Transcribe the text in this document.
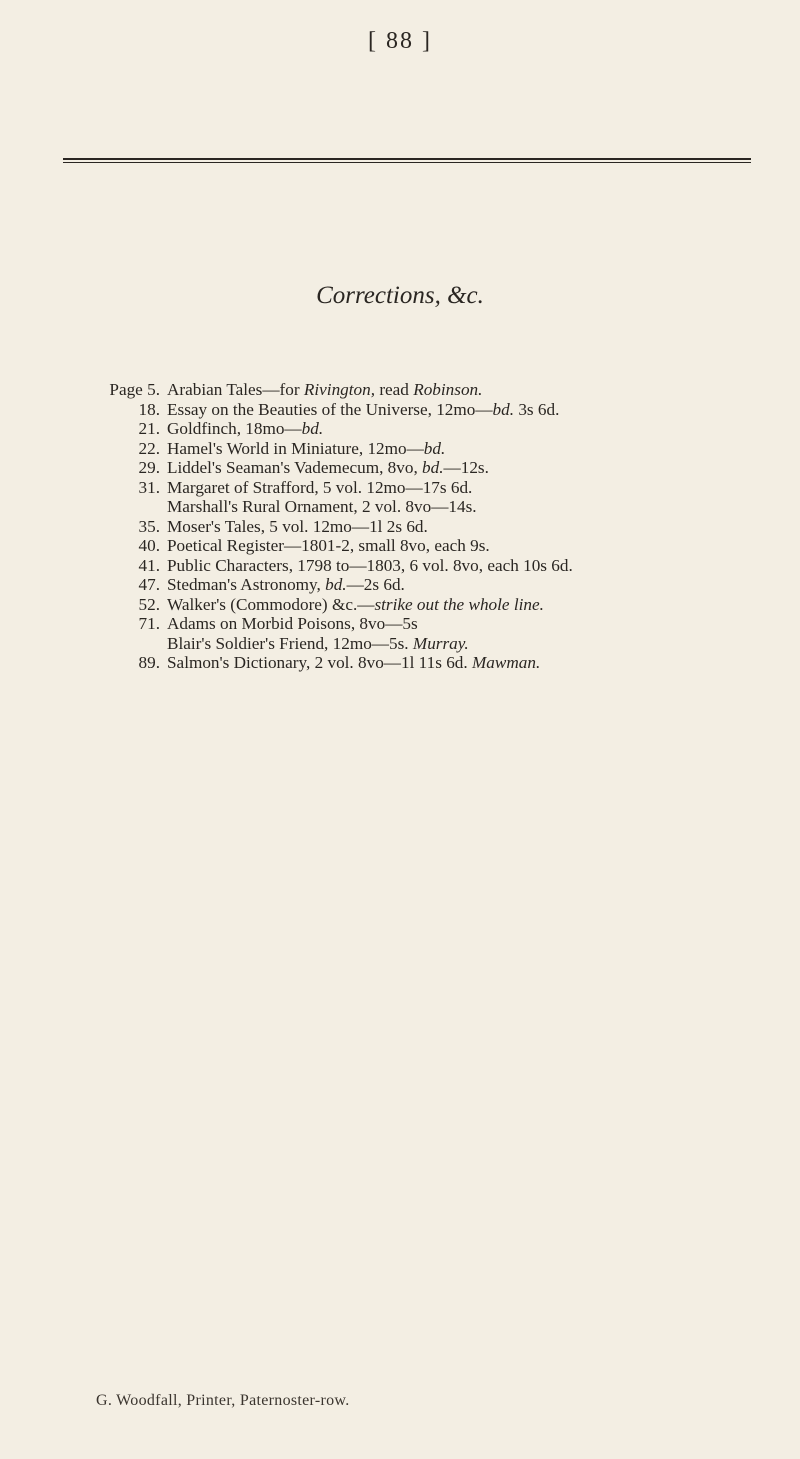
[ 88 ]
Corrections, &c.
Page 5. Arabian Tales—for Rivington, read Robinson.
18. Essay on the Beauties of the Universe, 12mo—bd. 3s 6d.
21. Goldfinch, 18mo—bd.
22. Hamel's World in Miniature, 12mo—bd.
29. Liddel's Seaman's Vademecum, 8vo, bd.—12s.
31. Margaret of Strafford, 5 vol. 12mo—17s 6d.
Marshall's Rural Ornament, 2 vol. 8vo—14s.
35. Moser's Tales, 5 vol. 12mo—1l 2s 6d.
40. Poetical Register—1801-2, small 8vo, each 9s.
41. Public Characters, 1798 to—1803, 6 vol. 8vo, each 10s 6d.
47. Stedman's Astronomy, bd.—2s 6d.
52. Walker's (Commodore) &c.—strike out the whole line.
71. Adams on Morbid Poisons, 8vo—5s
Blair's Soldier's Friend, 12mo—5s. Murray.
89. Salmon's Dictionary, 2 vol. 8vo—1l 11s 6d. Mawman.
G. Woodfall, Printer, Paternoster-row.
